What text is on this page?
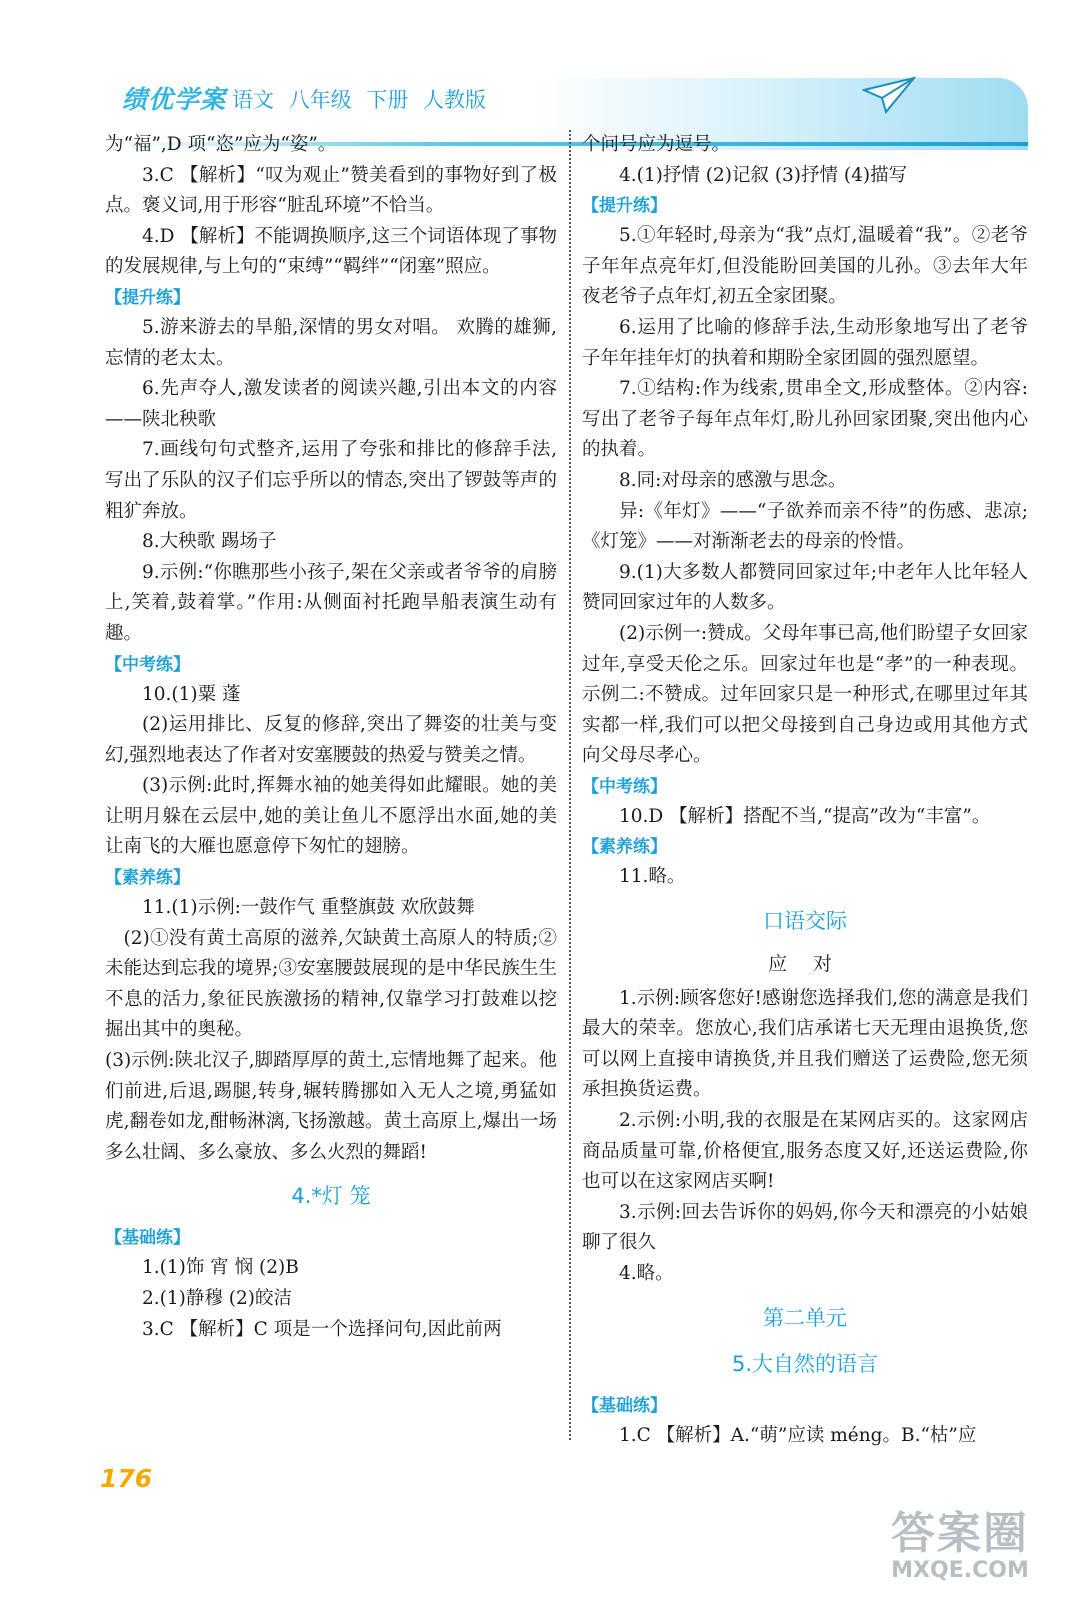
绩优学案 语文 八年级 下册 人教版

为“福”,D 项“恣”应为“姿”。

3.C 【解析】“叹为观止”赞美看到的事物好到了极点。褒义词,用于形容“脏乱环境”不恰当。

4.D 【解析】不能调换顺序,这三个词语体现了事物的发展规律,与上句的“束缚”“羁绊”“闭塞”照应。

【提升练】

5.游来游去的旱船,深情的男女对唱。 欢腾的雄狮,忘情的老太太。

6.先声夺人,激发读者的阅读兴趣,引出本文的内容——陕北秧歌

7.画线句句式整齐,运用了夸张和排比的修辞手法,写出了乐队的汉子们忘乎所以的情态,突出了锣鼓等声的粗犷奔放。

8.大秧歌 踢场子

9.示例:“你瞧那些小孩子,架在父亲或者爷爷的肩膀上,笑着,鼓着掌。”作用:从侧面衬托跑旱船表演生动有趣。

【中考练】

10.(1)粟 蓬

(2)运用排比、反复的修辞,突出了舞姿的壮美与变幻,强烈地表达了作者对安塞腰鼓的热爱与赞美之情。

(3)示例:此时,挥舞水袖的她美得如此耀眼。她的美让明月躲在云层中,她的美让鱼儿不愿浮出水面,她的美让南飞的大雁也愿意停下匆忙的翅膀。

【素养练】

11.(1)示例:一鼓作气 重整旗鼓 欢欣鼓舞

(2)①没有黄土高原的滋养,欠缺黄土高原人的特质;②未能达到忘我的境界;③安塞腰鼓展现的是中华民族生生不息的活力,象征民族激扬的精神,仅靠学习打鼓难以挖掘出其中的奥秘。

(3)示例:陕北汉子,脚踏厚厚的黄土,忘情地舞了起来。他们前进,后退,踢腿,转身,辗转腾挪如入无人之境,勇猛如虎,翻卷如龙,酣畅淋漓,飞扬激越。黄土高原上,爆出一场多么壮阔、多么豪放、多么火烈的舞蹈!

4.*灯 笼
【基础练】

1.(1)饰 宵 悯 (2)B

2.(1)静穆 (2)皎洁

3.C 【解析】C 项是一个选择问句,因此前两

个问号应为逗号。

4.(1)抒情 (2)记叙 (3)抒情 (4)描写

【提升练】

5.①年轻时,母亲为“我”点灯,温暖着“我”。②老爷子年年点亮年灯,但没能盼回美国的儿孙。③去年大年夜老爷子点年灯,初五全家团聚。

6.运用了比喻的修辞手法,生动形象地写出了老爷子年年挂年灯的执着和期盼全家团圆的强烈愿望。

7.①结构:作为线索,贯串全文,形成整体。②内容:写出了老爷子每年点年灯,盼儿孙回家团聚,突出他内心的执着。

8.同:对母亲的感激与思念。

异:《年灯》——“子欲养而亲不待”的伤感、悲凉;《灯笼》——对渐渐老去的母亲的怜惜。

9.(1)大多数人都赞同回家过年;中老年人比年轻人赞同回家过年的人数多。

(2)示例一:赞成。父母年事已高,他们盼望子女回家过年,享受天伦之乐。回家过年也是“孝”的一种表现。 示例二:不赞成。过年回家只是一种形式,在哪里过年其实都一样,我们可以把父母接到自己身边或用其他方式向父母尽孝心。

【中考练】

10.D 【解析】搭配不当,“提高”改为“丰富”。

【素养练】

11.略。

口语交际
应 对

1.示例:顾客您好!感谢您选择我们,您的满意是我们最大的荣幸。您放心,我们店承诺七天无理由退换货,您可以网上直接申请换货,并且我们赠送了运费险,您无须承担换货运费。

2.示例:小明,我的衣服是在某网店买的。这家网店商品质量可靠,价格便宜,服务态度又好,还送运费险,你也可以在这家网店买啊!

3.示例:回去告诉你的妈妈,你今天和漂亮的小姑娘聊了很久

4.略。

第二单元
5.大自然的语言
【基础练】

1.C 【解析】A.“萌”应读 méng。B.“枯”应

176
答案圈
MXQE.COM
